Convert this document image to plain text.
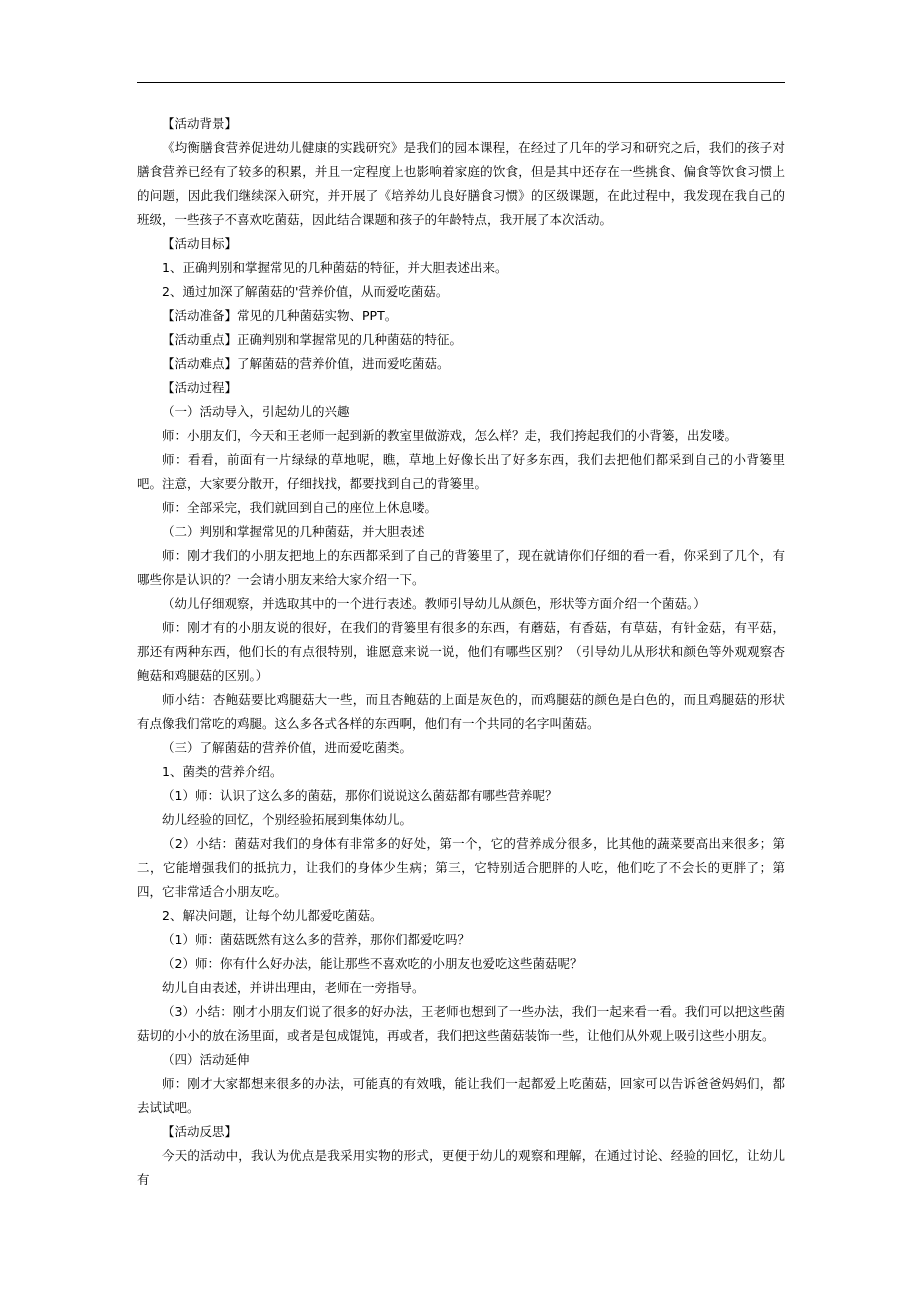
【活动背景】

《均衡膳食营养促进幼儿健康的实践研究》是我们的园本课程，在经过了几年的学习和研究之后，我们的孩子对膳食营养已经有了较多的积累，并且一定程度上也影响着家庭的饮食，但是其中还存在一些挑食、偏食等饮食习惯上的问题，因此我们继续深入研究，并开展了《培养幼儿良好膳食习惯》的区级课题，在此过程中，我发现在我自己的班级，一些孩子不喜欢吃菌菇，因此结合课题和孩子的年龄特点，我开展了本次活动。

【活动目标】

1、正确判别和掌握常见的几种菌菇的特征，并大胆表述出来。

2、通过加深了解菌菇的'营养价值，从而爱吃菌菇。

【活动准备】常见的几种菌菇实物、PPT。

【活动重点】正确判别和掌握常见的几种菌菇的特征。

【活动难点】了解菌菇的营养价值，进而爱吃菌菇。

【活动过程】

（一）活动导入，引起幼儿的兴趣

师：小朋友们，今天和王老师一起到新的教室里做游戏，怎么样？走，我们挎起我们的小背篓，出发喽。

师：看看，前面有一片绿绿的草地呢，瞧，草地上好像长出了好多东西，我们去把他们都采到自己的小背篓里吧。注意，大家要分散开，仔细找找，都要找到自己的背篓里。

师：全部采完，我们就回到自己的座位上休息喽。

（二）判别和掌握常见的几种菌菇，并大胆表述

师：刚才我们的小朋友把地上的东西都采到了自己的背篓里了，现在就请你们仔细的看一看，你采到了几个，有哪些你是认识的？一会请小朋友来给大家介绍一下。

（幼儿仔细观察，并选取其中的一个进行表述。教师引导幼儿从颜色，形状等方面介绍一个菌菇。）

师：刚才有的小朋友说的很好，在我们的背篓里有很多的东西，有蘑菇，有香菇，有草菇，有针金菇，有平菇，那还有两种东西，他们长的有点很特别，谁愿意来说一说，他们有哪些区别？（引导幼儿从形状和颜色等外观观察杏鲍菇和鸡腿菇的区别。）

师小结：杏鲍菇要比鸡腿菇大一些，而且杏鲍菇的上面是灰色的，而鸡腿菇的颜色是白色的，而且鸡腿菇的形状有点像我们常吃的鸡腿。这么多各式各样的东西啊，他们有一个共同的名字叫菌菇。

（三）了解菌菇的营养价值，进而爱吃菌类。

1、菌类的营养介绍。

（1）师：认识了这么多的菌菇，那你们说说这么菌菇都有哪些营养呢？

幼儿经验的回忆，个别经验拓展到集体幼儿。

（2）小结：菌菇对我们的身体有非常多的好处，第一个，它的营养成分很多，比其他的蔬菜要高出来很多；第二，它能增强我们的抵抗力，让我们的身体少生病；第三，它特别适合肥胖的人吃，他们吃了不会长的更胖了；第四，它非常适合小朋友吃。

2、解决问题，让每个幼儿都爱吃菌菇。

（1）师：菌菇既然有这么多的营养，那你们都爱吃吗？

（2）师：你有什么好办法，能让那些不喜欢吃的小朋友也爱吃这些菌菇呢？

幼儿自由表述，并讲出理由，老师在一旁指导。

（3）小结：刚才小朋友们说了很多的好办法，王老师也想到了一些办法，我们一起来看一看。我们可以把这些菌菇切的小小的放在汤里面，或者是包成馄饨，再或者，我们把这些菌菇装饰一些，让他们从外观上吸引这些小朋友。

（四）活动延伸

师：刚才大家都想来很多的办法，可能真的有效哦，能让我们一起都爱上吃菌菇，回家可以告诉爸爸妈妈们，都去试试吧。

【活动反思】

今天的活动中，我认为优点是我采用实物的形式，更便于幼儿的观察和理解，在通过讨论、经验的回忆，让幼儿有
